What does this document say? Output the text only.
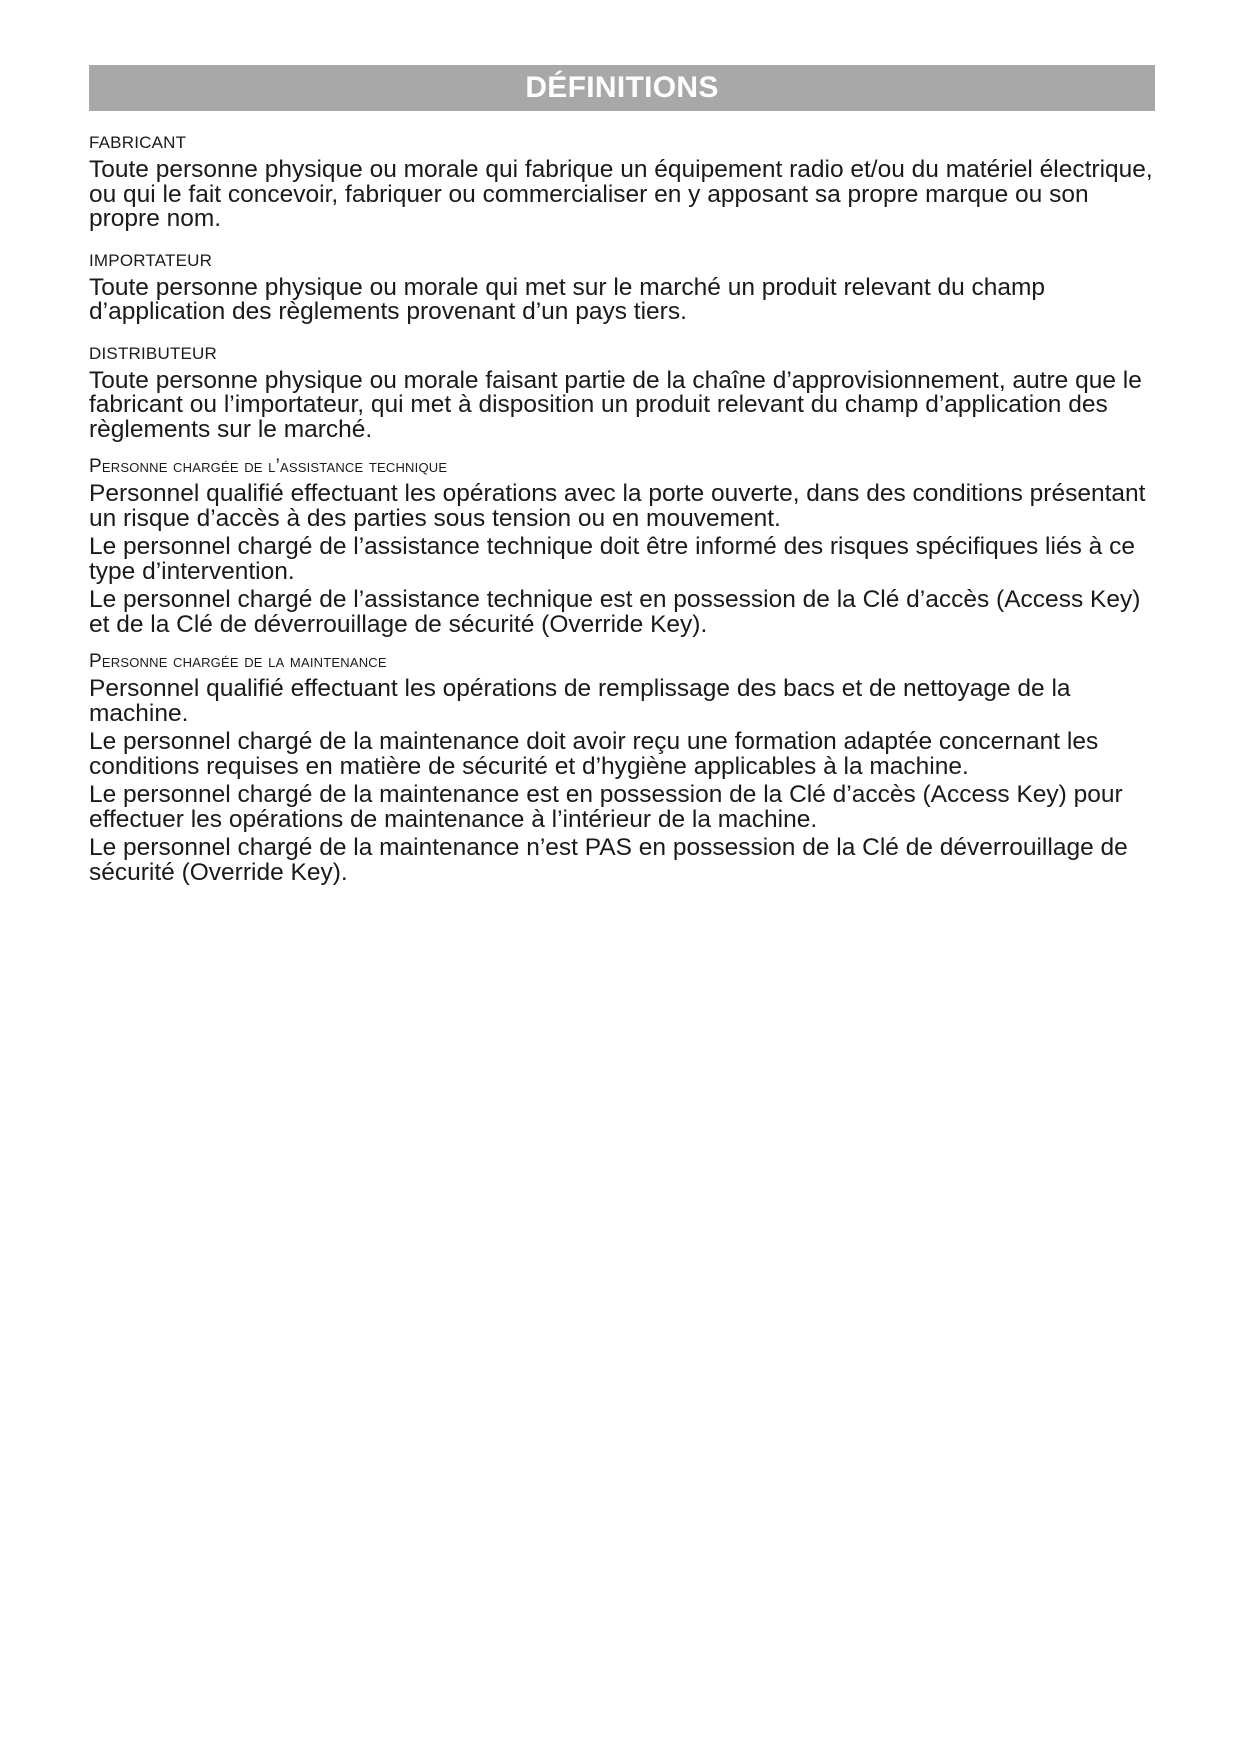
DÉFINITIONS
FABRICANT

Toute personne physique ou morale qui fabrique un équipement radio et/ou du matériel électrique, ou qui le fait concevoir, fabriquer ou commercialiser en y apposant sa propre marque ou son propre nom.

IMPORTATEUR

Toute personne physique ou morale qui met sur le marché un produit relevant du champ d’application des règlements provenant d’un pays tiers.

DISTRIBUTEUR

Toute personne physique ou morale faisant partie de la chaîne d’approvisionnement, autre que le fabricant ou l’importateur, qui met à disposition un produit relevant du champ d’application des règlements sur le marché.

Personne chargée de l’assistance technique

Personnel qualifié effectuant les opérations avec la porte ouverte, dans des conditions présentant un risque d’accès à des parties sous tension ou en mouvement.

Le personnel chargé de l’assistance technique doit être informé des risques spécifiques liés à ce type d’intervention.

Le personnel chargé de l’assistance technique est en possession de la Clé d’accès (Access Key) et de la Clé de déverrouillage de sécurité (Override Key).

Personne chargée de la maintenance

Personnel qualifié effectuant les opérations de remplissage des bacs et de nettoyage de la machine.

Le personnel chargé de la maintenance doit avoir reçu une formation adaptée concernant les conditions requises en matière de sécurité et d’hygiène applicables à la machine.

Le personnel chargé de la maintenance est en possession de la Clé d’accès (Access Key) pour effectuer les opérations de maintenance à l’intérieur de la machine.

Le personnel chargé de la maintenance n’est PAS en possession de la Clé de déverrouillage de sécurité (Override Key).
